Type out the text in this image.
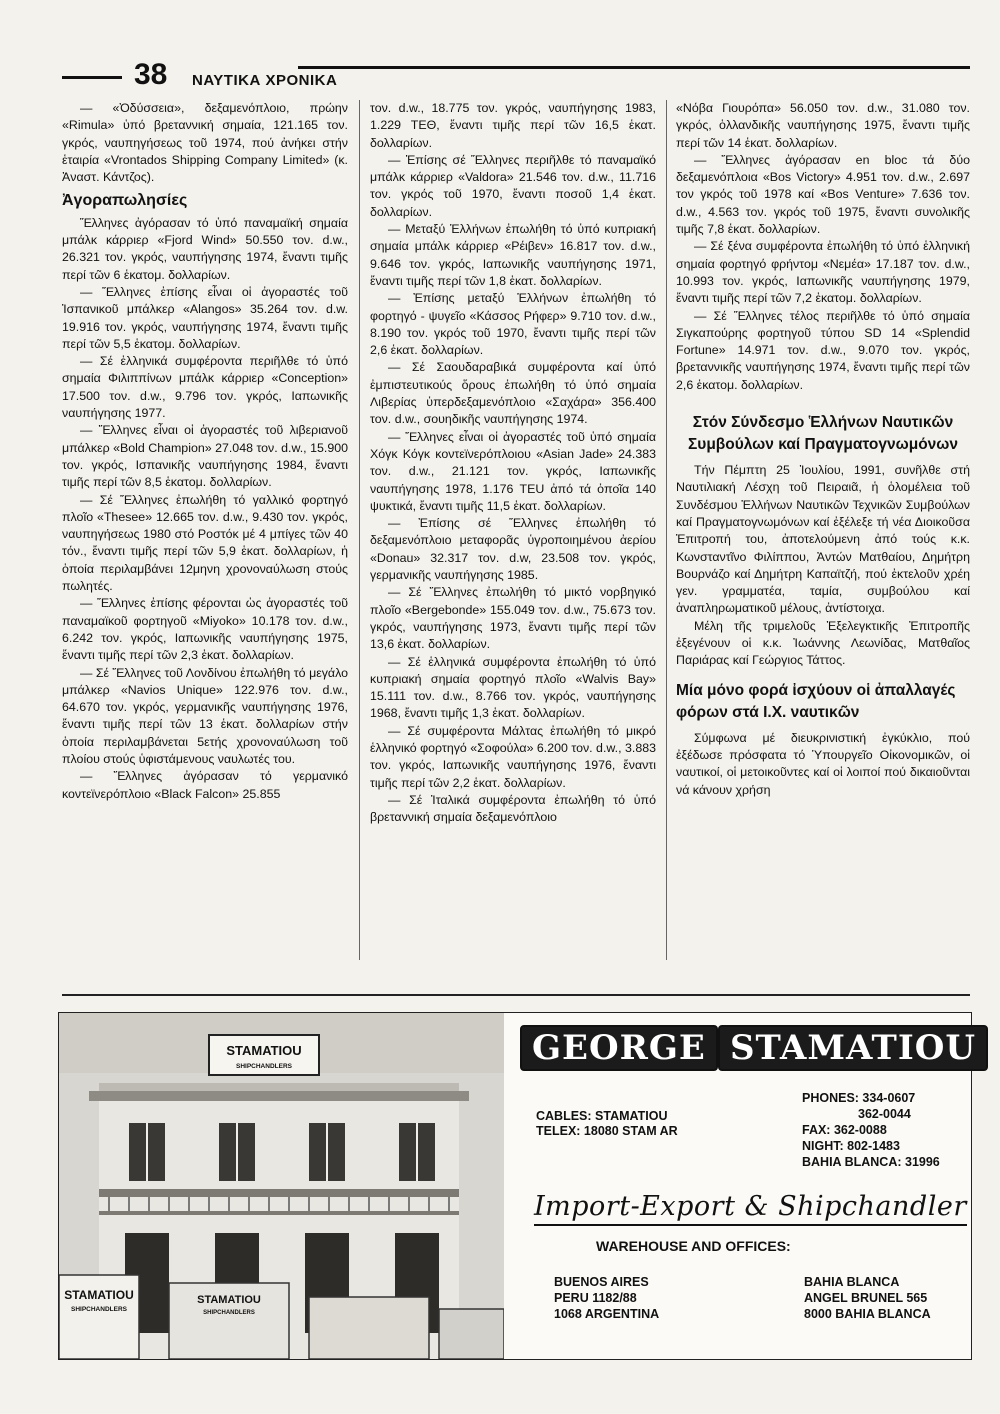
38 ΝΑΥΤΙΚΑ ΧΡΟΝΙΚΑ

— «Ὀδύσσεια», δεξαμενόπλοιο, πρώην «Rimula» ὑπό βρεταννική σημαία, 121.165 τον. γκρός, ναυπηγήσεως τοῦ 1974, πού ἀνήκει στήν ἑταιρία «Vrontados Shipping Company Limited» (κ. Ἀναστ. Κάντζος).

Ἀγοραπωλησίες

Ἕλληνες ἀγόρασαν τό ὑπό παναμαϊκή σημαία μπάλκ κάρριερ «Fjord Wind» 50.550 τον. d.w., 26.321 τον. γκρός, ναυπήγησης 1974, ἔναντι τιμῆς περί τῶν 6 ἑκατομ. δολλαρίων.

— Ἕλληνες ἐπίσης εἶναι οἱ ἀγοραστές τοῦ Ἰσπανικοῦ μπάλκερ «Alangos» 35.264 τον. d.w. 19.916 τον. γκρός, ναυπήγησης 1974, ἔναντι τιμῆς περί τῶν 5,5 ἑκατομ. δολλαρίων.

— Σέ ἑλληνικά συμφέροντα περιῆλθε τό ὑπό σημαία Φιλιππίνων μπάλκ κάρριερ «Conception» 17.500 τον. d.w., 9.796 τον. γκρός, Ιαπωνικῆς ναυπήγησης 1977.

— Ἕλληνες εἶναι οἱ ἀγοραστές τοῦ λιβεριανοῦ μπάλκερ «Bold Champion» 27.048 τον. d.w., 15.900 τον. γκρός, Ισπανικῆς ναυπήγησης 1984, ἔναντι τιμῆς περί τῶν 8,5 ἑκατομ. δολλαρίων.

— Σέ Ἕλληνες ἐπωλήθη τό γαλλικό φορτηγό πλοῖο «Thesee» 12.665 τον. d.w., 9.430 τον. γκρός, ναυπηγήσεως 1980 στό Ροστόκ μέ 4 μπίγες τῶν 40 τόν., ἔναντι τιμῆς περί τῶν 5,9 ἑκατ. δολλαρίων, ἡ ὁποία περιλαμβάνει 12μηνη χρονοναύλωση στούς πωλητές.

— Ἕλληνες ἐπίσης φέρονται ὡς ἀγοραστές τοῦ παναμαϊκοῦ φορτηγοῦ «Miyoko» 10.178 τον. d.w., 6.242 τον. γκρός, Ιαπωνικῆς ναυπήγησης 1975, ἔναντι τιμῆς περί τῶν 2,3 ἑκατ. δολλαρίων.

— Σέ Ἕλληνες τοῦ Λονδίνου ἐπωλήθη τό μεγάλο μπάλκερ «Navios Unique» 122.976 τον. d.w., 64.670 τον. γκρός, γερμανικῆς ναυπήγησης 1976, ἔναντι τιμῆς περί τῶν 13 ἑκατ. δολλαρίων στήν ὁποία περιλαμβάνεται 5ετής χρονοναύλωση τοῦ πλοίου στούς ὑφιστάμενους ναυλωτές του.

— Ἕλληνες ἀγόρασαν τό γερμανικό κοντεϊνερόπλοιο «Black Falcon» 25.855

τον. d.w., 18.775 τον. γκρός, ναυπήγησης 1983, 1.229 ΤΕΘ, ἔναντι τιμῆς περί τῶν 16,5 ἑκατ. δολλαρίων.

— Ἐπίσης σέ Ἕλληνες περιῆλθε τό παναμαϊκό μπάλκ κάρριερ «Valdora» 21.546 τον. d.w., 11.716 τον. γκρός τοῦ 1970, ἔναντι ποσοῦ 1,4 ἑκατ. δολλαρίων.

— Μεταξύ Ἑλλήνων ἐπωλήθη τό ὑπό κυπριακή σημαία μπάλκ κάρριερ «Ρέιβεν» 16.817 τον. d.w., 9.646 τον. γκρός, Ιαπωνικῆς ναυπήγησης 1971, ἔναντι τιμῆς περί τῶν 1,8 ἑκατ. δολλαρίων.

— Ἐπίσης μεταξύ Ἑλλήνων ἐπωλήθη τό φορτηγό - ψυγεῖο «Κάσσος Ρήφερ» 9.710 τον. d.w., 8.190 τον. γκρός τοῦ 1970, ἔναντι τιμῆς περί τῶν 2,6 ἑκατ. δολλαρίων.

— Σέ Σαουδαραβικά συμφέροντα καί ὑπό ἐμπιστευτικούς ὅρους ἐπωλήθη τό ὑπό σημαία Λιβερίας ὑπερδεξαμενόπλοιο «Σαχάρα» 356.400 τον. d.w., σουηδικῆς ναυπήγησης 1974.

— Ἕλληνες εἶναι οἱ ἀγοραστές τοῦ ὑπό σημαία Χόγκ Κόγκ κοντεϊνερόπλοιου «Asian Jade» 24.383 τον. d.w., 21.121 τον. γκρός, Ιαπωνικῆς ναυπήγησης 1978, 1.176 TEU ἀπό τά ὁποῖα 140 ψυκτικά, ἔναντι τιμῆς 11,5 ἑκατ. δολλαρίων.

— Ἐπίσης σέ Ἕλληνες ἐπωλήθη τό δεξαμενόπλοιο μεταφορᾶς ὑγροποιημένου ἀερίου «Donau» 32.317 τον. d.w, 23.508 τον. γκρός, γερμανικῆς ναυπήγησης 1985.

— Σέ Ἕλληνες ἐπωλήθη τό μικτό νορβηγικό πλοῖο «Bergebonde» 155.049 τον. d.w., 75.673 τον. γκρός, ναυπήγησης 1973, ἔναντι τιμῆς περί τῶν 13,6 ἑκατ. δολλαρίων.

— Σέ ἑλληνικά συμφέροντα ἐπωλήθη τό ὑπό κυπριακή σημαία φορτηγό πλοῖο «Walvis Bay» 15.111 τον. d.w., 8.766 τον. γκρός, ναυπήγησης 1968, ἔναντι τιμῆς 1,3 ἑκατ. δολλαρίων.

— Σέ συμφέροντα Μάλτας ἐπωλήθη τό μικρό ἑλληνικό φορτηγό «Σοφούλα» 6.200 τον. d.w., 3.883 τον. γκρός, Ιαπωνικῆς ναυπήγησης 1976, ἔναντι τιμῆς περί τῶν 2,2 ἑκατ. δολλαρίων.

— Σέ Ἰταλικά συμφέροντα ἐπωλήθη τό ὑπό βρεταννική σημαία δεξαμενόπλοιο

«Νόβα Γιουρόπα» 56.050 τον. d.w., 31.080 τον. γκρός, ὁλλανδικῆς ναυπήγησης 1975, ἔναντι τιμῆς περί τῶν 14 ἑκατ. δολλαρίων.

— Ἕλληνες ἀγόρασαν en bloc τά δύο δεξαμενόπλοια «Bos Victory» 4.951 τον. d.w., 2.697 τον γκρός τοῦ 1978 καί «Bos Venture» 7.636 τον. d.w., 4.563 τον. γκρός τοῦ 1975, ἔναντι συνολικῆς τιμῆς 7,8 ἑκατ. δολλαρίων.

— Σέ ξένα συμφέροντα ἐπωλήθη τό ὑπό ἑλληνική σημαία φορτηγό φρήντομ «Νεμέα» 17.187 τον. d.w., 10.993 τον. γκρός, Ιαπωνικῆς ναυπήγησης 1979, ἔναντι τιμῆς περί τῶν 7,2 ἑκατομ. δολλαρίων.

— Σέ Ἕλληνες τέλος περιῆλθε τό ὑπό σημαία Σιγκαπούρης φορτηγοῦ τύπου SD 14 «Splendid Fortune» 14.971 τον. d.w., 9.070 τον. γκρός, βρεταννικῆς ναυπήγησης 1974, ἔναντι τιμῆς περί τῶν 2,6 ἑκατομ. δολλαρίων.

Στόν Σύνδεσμο Ἑλλήνων Ναυτικῶν Συμβούλων καί Πραγματογνωμόνων

Τήν Πέμπτη 25 Ἰουλίου, 1991, συνῆλθε στή Ναυτιλιακή Λέσχη τοῦ Πειραιᾶ, ἡ ὁλομέλεια τοῦ Συνδέσμου Ἑλλήνων Ναυτικῶν Τεχνικῶν Συμβούλων καί Πραγματογνωμόνων καί ἐξέλεξε τή νέα Διοικοῦσα Ἐπιτροπή του, ἀποτελούμενη ἀπό τούς κ.κ. Κωνσταντῖνο Φιλίππου, Ἀντών Ματθαίου, Δημήτρη Βουρνάζο καί Δημήτρη Καπαϊτζή, πού ἐκτελοῦν χρέη γεν. γραμματέα, ταμία, συμβούλου καί ἀναπληρωματικοῦ μέλους, ἀντίστοιχα.

Μέλη τῆς τριμελοῦς Ἐξελεγκτικῆς Ἐπιτροπῆς ἐξεγένουν οἱ κ.κ. Ἰωάννης Λεωνίδας, Ματθαῖος Παριάρας καί Γεώργιος Τάττος.

Μία μόνο φορά ἰσχύουν οἱ ἀπαλλαγές φόρων στά Ι.Χ. ναυτικῶν

Σύμφωνα μέ διευκρινιστική ἐγκύκλιο, πού ἐξέδωσε πρόσφατα τό Ὑπουργεῖο Οἰκονομικῶν, οἱ ναυτικοί, οἱ μετοικοῦντες καί οἱ λοιποί πού δικαιοῦνται νά κάνουν χρήση

STAMATIOU
SHIPCHANDLERS
STAMATIOU
SHIPCHANDLERS
STAMATIOU
SHIPCHANDLERS
GEORGE STAMATIOU
CABLES: STAMATIOU
TELEX: 18080 STAM AR
PHONES: 334-0607
362-0044
FAX: 362-0088
NIGHT: 802-1483
BAHIA BLANCA: 31996
Import-Export & Shipchandler
WAREHOUSE AND OFFICES:
BUENOS AIRES
PERU 1182/88
1068 ARGENTINA
BAHIA BLANCA
ANGEL BRUNEL 565
8000 BAHIA BLANCA
